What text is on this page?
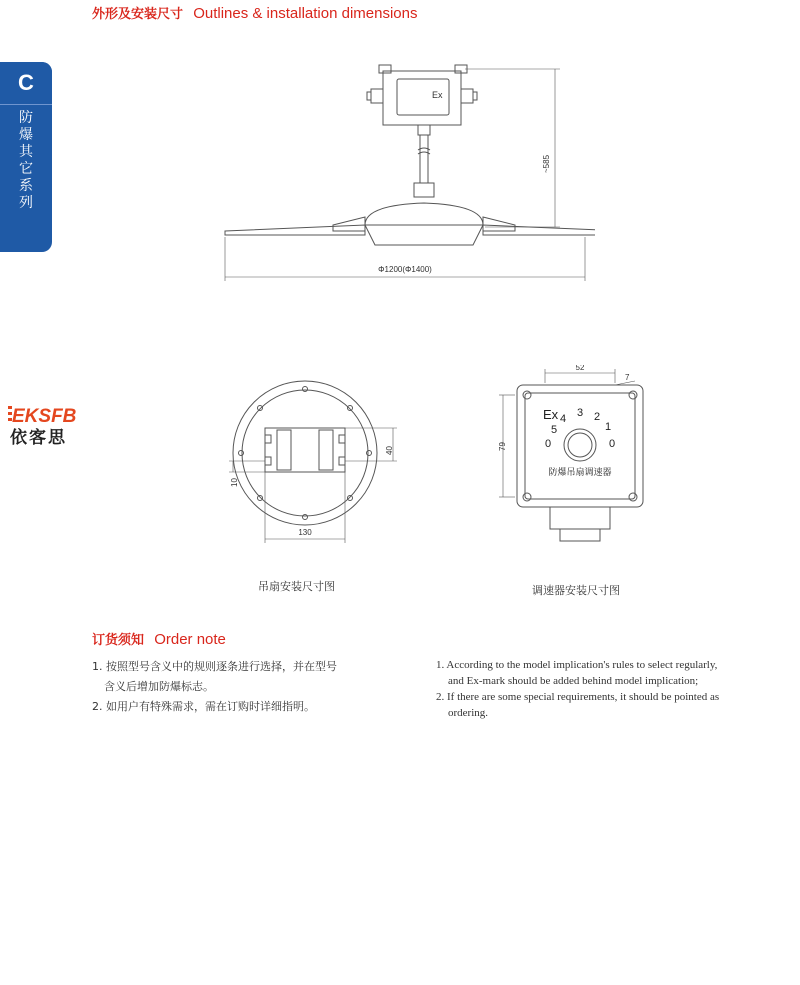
外形及安装尺寸 Outlines & installation dimensions
C
防
爆
其
它
系
列
EKSFB
依客思
Ex
~585
Φ1200(Φ1400)
130
40
10
吊扇安装尺寸图
52
7
79
Ex
0
5
4 3 2
1
0
防爆吊扇调速器
调速器安装尺寸图
订货须知 Order note

1. 按照型号含义中的规则逐条进行选择，并在型号

含义后增加防爆标志。

2. 如用户有特殊需求，需在订购时详细指明。

1. According to the model implication's rules to select regularly,

and Ex-mark should be added behind model implication;

2. If there are some special requirements, it should be pointed as

ordering.
